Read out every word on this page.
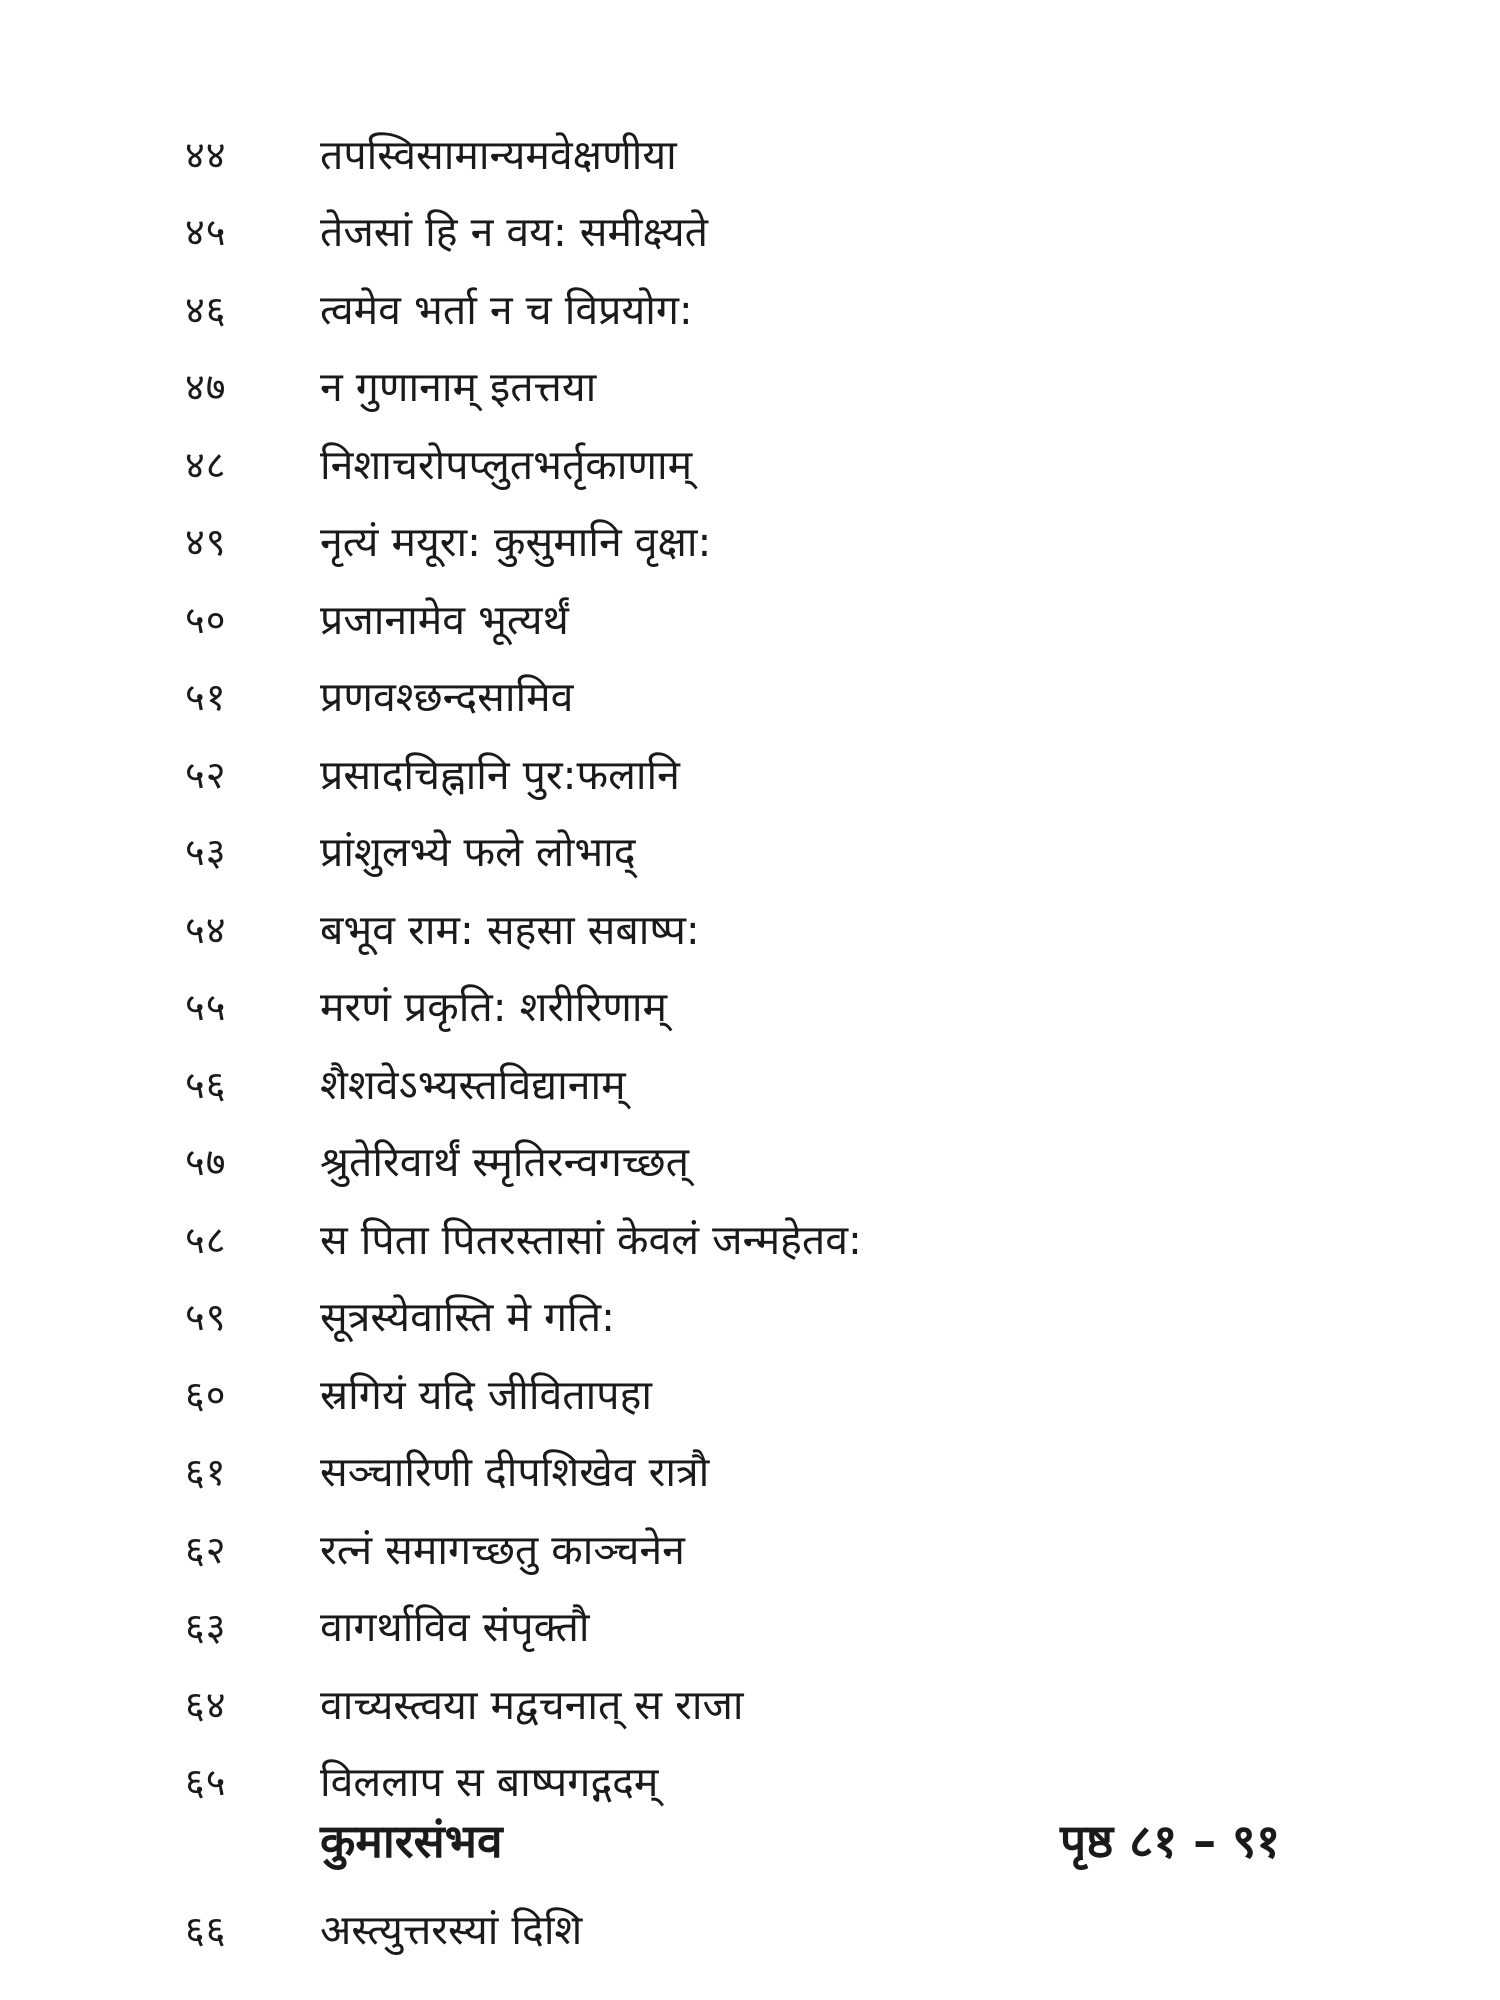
४४	तपस्विसामान्यमवेक्षणीया
४५	तेजसां हि न वय: समीक्ष्यते
४६	त्वमेव भर्ता न च विप्रयोग:
४७	न गुणानाम् इतत्तया
४८	निशाचरोपप्लुतभर्तृकाणाम्
४९	नृत्यं मयूरा: कुसुमानि वृक्षा:
५०	प्रजानामेव भूत्यर्थं
५१	प्रणवश्छन्दसामिव
५२	प्रसादचिह्नानि पुर:फलानि
५३	प्रांशुलभ्ये फले लोभाद्
५४	बभूव राम: सहसा सबाष्प:
५५	मरणं प्रकृति: शरीरिणाम्
५६	शैशवेऽभ्यस्तविद्यानाम्
५७	श्रुतेरिवार्थं स्मृतिरन्वगच्छत्
५८	स पिता पितरस्तासां केवलं जन्महेतव:
५९	सूत्रस्येवास्ति मे गति:
६०	स्रगियं यदि जीवितापहा
६१	सञ्चारिणी दीपशिखेव रात्रौ
६२	रत्नं समागच्छतु काञ्चनेन
६३	वागर्थाविव संपृक्तौ
६४	वाच्यस्त्वया मद्वचनात् स राजा
६५	विललाप स बाष्पगद्गदम्
कुमारसंभव	पृष्ठ ८१ – ९१
६६	अस्त्युत्तरस्यां दिशि
